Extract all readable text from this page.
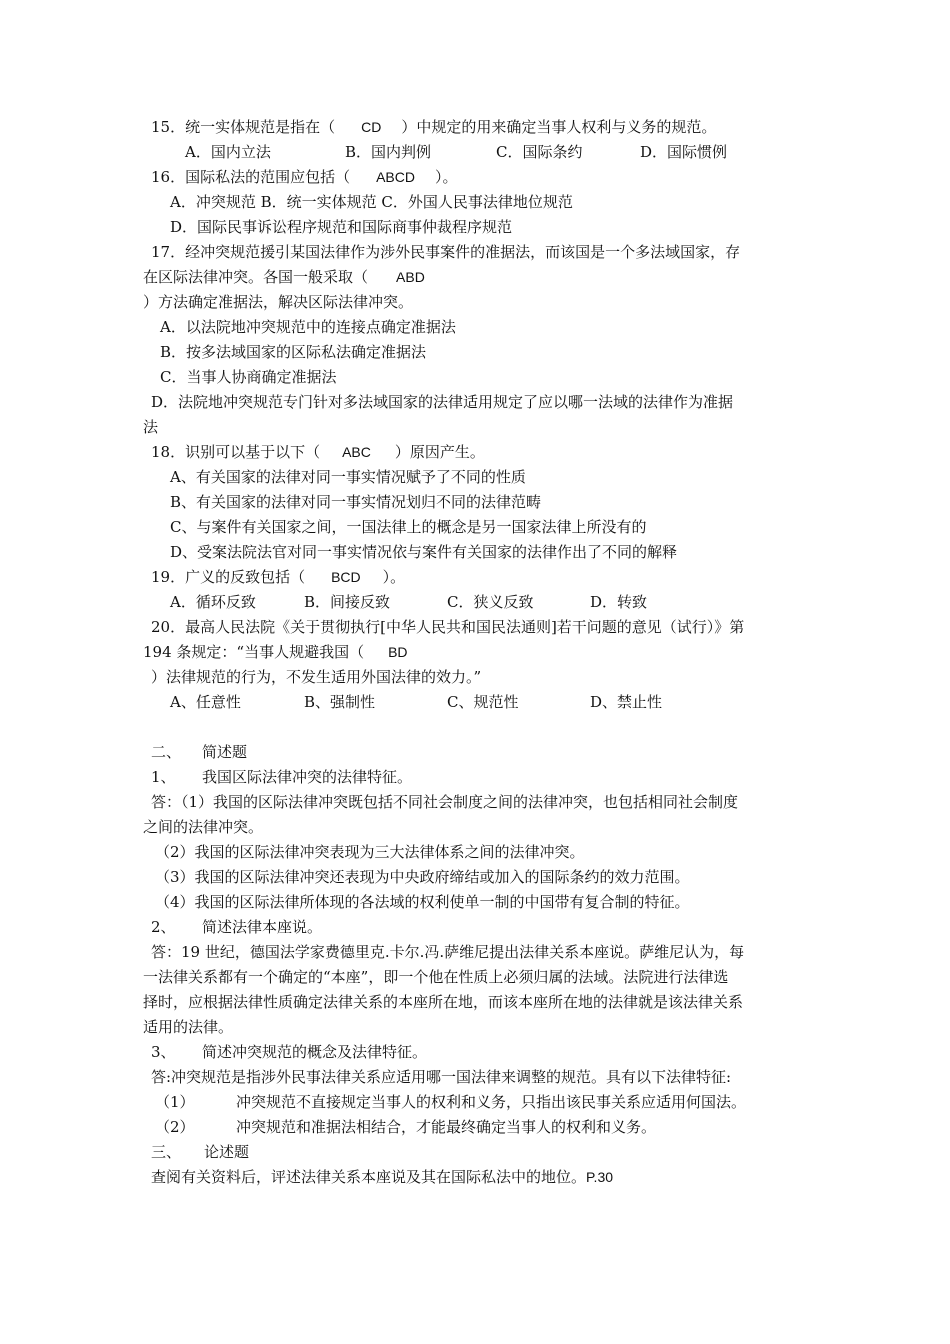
15．统一实体规范是指在（ CD ）中规定的用来确定当事人权利与义务的规范。
A．国内立法	B．国内判例	C．国际条约	D．国际惯例
16．国际私法的范围应包括（ ABCD ）。
A．冲突规范 B．统一实体规范 C．外国人民事法律地位规范
D．国际民事诉讼程序规范和国际商事仲裁程序规范
17．经冲突规范援引某国法律作为涉外民事案件的准据法，而该国是一个多法域国家，存
在区际法律冲突。各国一般采取（ ABD
）方法确定准据法，解决区际法律冲突。
A．以法院地冲突规范中的连接点确定准据法
B．按多法域国家的区际私法确定准据法
C．当事人协商确定准据法
D．法院地冲突规范专门针对多法域国家的法律适用规定了应以哪一法域的法律作为准据
法
18．识别可以基于以下（ ABC ）原因产生。
A、有关国家的法律对同一事实情况赋予了不同的性质
B、有关国家的法律对同一事实情况划归不同的法律范畴
C、与案件有关国家之间，一国法律上的概念是另一国家法律上所没有的
D、受案法院法官对同一事实情况依与案件有关国家的法律作出了不同的解释
19．广义的反致包括（ BCD ）。
A．循环反致	B．间接反致	C．狭义反致	D．转致
20．最高人民法院《关于贯彻执行[中华人民共和国民法通则]若干问题的意见（试行）》第
194 条规定：“当事人规避我国（ BD
）法律规范的行为，不发生适用外国法律的效力。”
A、任意性	B、强制性	C、规范性	D、禁止性
二、 简述题
1、 我国区际法律冲突的法律特征。
答：（1）我国的区际法律冲突既包括不同社会制度之间的法律冲突，也包括相同社会制度
之间的法律冲突。
（2）我国的区际法律冲突表现为三大法律体系之间的法律冲突。
（3）我国的区际法律冲突还表现为中央政府缔结或加入的国际条约的效力范围。
（4）我国的区际法律所体现的各法域的权利使单一制的中国带有复合制的特征。
2、 简述法律本座说。
答：19 世纪，德国法学家费德里克.卡尔.冯.萨维尼提出法律关系本座说。萨维尼认为，每
一法律关系都有一个确定的“本座”，即一个他在性质上必须归属的法域。法院进行法律选
择时，应根据法律性质确定法律关系的本座所在地，而该本座所在地的法律就是该法律关系
适用的法律。
3、 简述冲突规范的概念及法律特征。
答:冲突规范是指涉外民事法律关系应适用哪一国法律来调整的规范。具有以下法律特征:
（1）	冲突规范不直接规定当事人的权利和义务，只指出该民事关系应适用何国法。
（2）	冲突规范和准据法相结合，才能最终确定当事人的权利和义务。
三、 论述题
查阅有关资料后，评述法律关系本座说及其在国际私法中的地位。P.30
